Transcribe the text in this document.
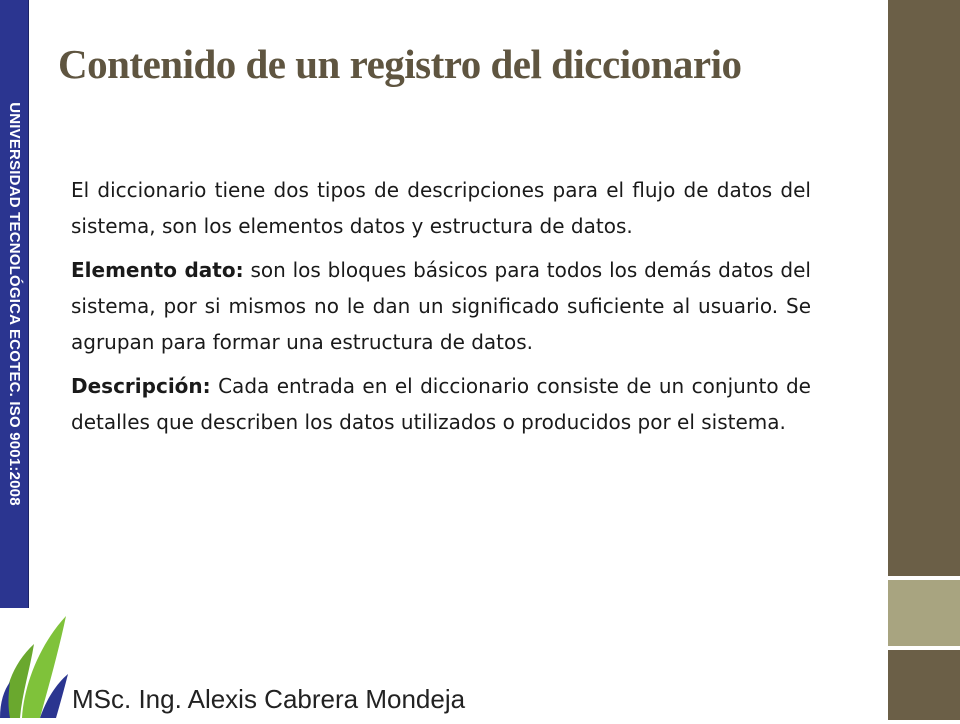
UNIVERSIDAD TECNOLÓGICA ECOTEC. ISO 9001:2008
Contenido de un registro del diccionario

El diccionario tiene dos tipos de descripciones para el flujo de datos del sistema, son los elementos datos y estructura de datos.

Elemento dato: son los bloques básicos para todos los demás datos del sistema, por si mismos no le dan un significado suficiente al usuario. Se agrupan para formar una estructura de datos.

Descripción: Cada entrada en el diccionario consiste de un conjunto de detalles que describen los datos utilizados o producidos por el sistema.

MSc. Ing. Alexis Cabrera Mondeja
